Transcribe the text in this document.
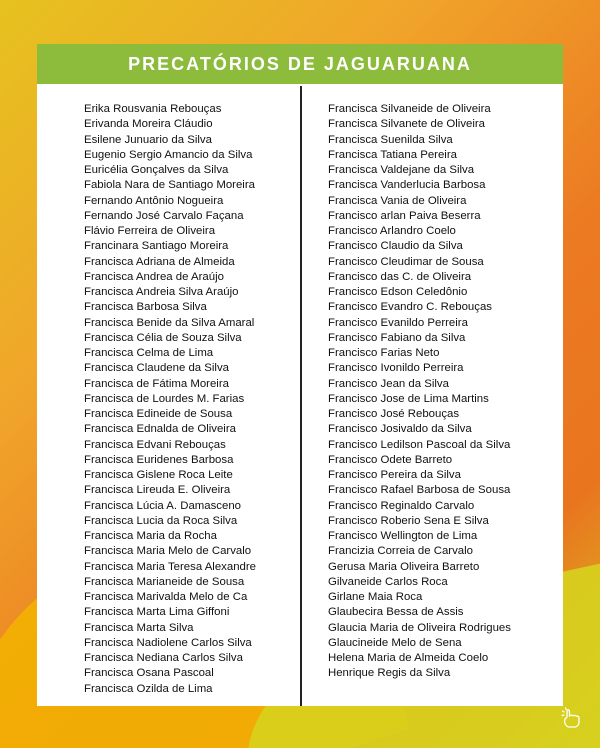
PRECATÓRIOS DE JAGUARUANA
Erika Rousvania Rebouças
Erivanda Moreira Cláudio
Esilene Junuario da Silva
Eugenio Sergio Amancio da Silva
Euricélia Gonçalves da Silva
Fabiola Nara de Santiago Moreira
Fernando Antônio Nogueira
Fernando José Carvalo Façana
Flávio Ferreira de Oliveira
Francinara Santiago Moreira
Francisca Adriana de Almeida
Francisca Andrea de Araújo
Francisca Andreia Silva Araújo
Francisca Barbosa Silva
Francisca Benide da Silva Amaral
Francisca Célia de Souza Silva
Francisca Celma de Lima
Francisca Claudene da Silva
Francisca de Fátima Moreira
Francisca de Lourdes M. Farias
Francisca Edineide de Sousa
Francisca Ednalda de Oliveira
Francisca Edvani Rebouças
Francisca Euridenes Barbosa
Francisca Gislene Roca Leite
Francisca Lireuda E. Oliveira
Francisca Lúcia A. Damasceno
Francisca Lucia da Roca Silva
Francisca Maria da Rocha
Francisca Maria Melo de Carvalo
Francisca Maria Teresa Alexandre
Francisca Marianeide de Sousa
Francisca Marivalda Melo de Ca
Francisca Marta Lima Giffoni
Francisca Marta Silva
Francisca Nadiolene Carlos Silva
Francisca Nediana Carlos Silva
Francisca Osana Pascoal
Francisca Ozilda de Lima
Francisca Silvaneide de Oliveira
Francisca Silvanete de Oliveira
Francisca Suenilda Silva
Francisca Tatiana Pereira
Francisca Valdejane da Silva
Francisca Vanderlucia Barbosa
Francisca Vania de Oliveira
Francisco arlan Paiva Beserra
Francisco Arlandro Coelo
Francisco Claudio da Silva
Francisco Cleudimar de Sousa
Francisco das C. de Oliveira
Francisco Edson Celedônio
Francisco Evandro C. Rebouças
Francisco Evanildo Perreira
Francisco Fabiano da Silva
Francisco Farias Neto
Francisco Ivonildo Perreira
Francisco Jean da Silva
Francisco Jose de Lima Martins
Francisco José Rebouças
Francisco Josivaldo da Silva
Francisco Ledilson Pascoal da Silva
Francisco Odete Barreto
Francisco Pereira da Silva
Francisco Rafael Barbosa de Sousa
Francisco Reginaldo Carvalo
Francisco Roberio Sena E Silva
Francisco Wellington de Lima
Francizia Correia de Carvalo
Gerusa Maria Oliveira Barreto
Gilvaneide Carlos Roca
Girlane Maia Roca
Glaubecira Bessa de Assis
Glaucia Maria de Oliveira Rodrigues
Glaucineide Melo de Sena
Helena Maria de Almeida Coelo
Henrique Regis da Silva
